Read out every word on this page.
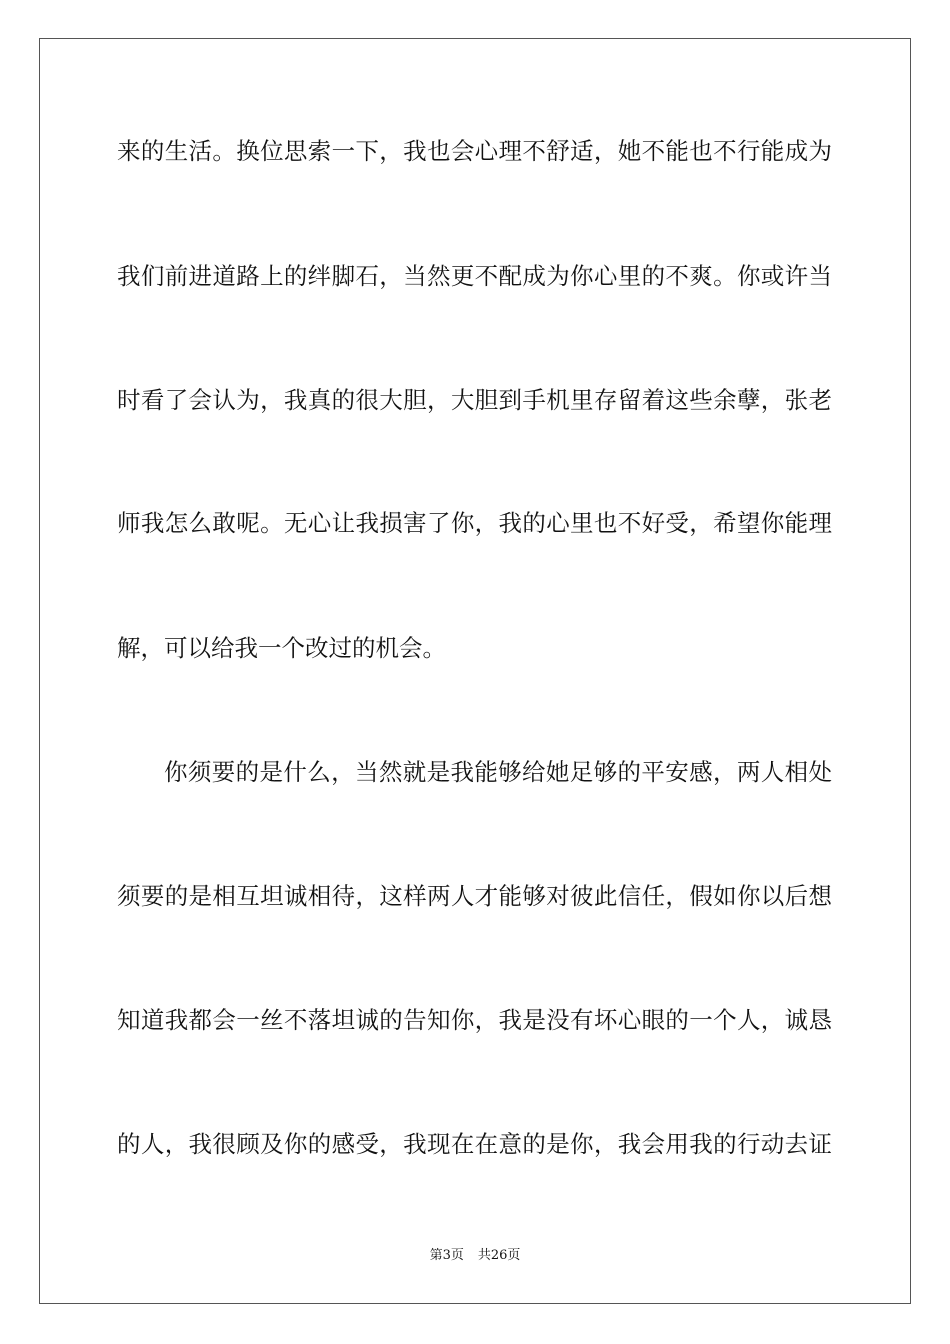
来的生活。换位思索一下，我也会心理不舒适，她不能也不行能成为
我们前进道路上的绊脚石，当然更不配成为你心里的不爽。你或许当
时看了会认为，我真的很大胆，大胆到手机里存留着这些余孽，张老
师我怎么敢呢。无心让我损害了你，我的心里也不好受，希望你能理
解，可以给我一个改过的机会。
你须要的是什么，当然就是我能够给她足够的平安感，两人相处
须要的是相互坦诚相待，这样两人才能够对彼此信任，假如你以后想
知道我都会一丝不落坦诚的告知你，我是没有坏心眼的一个人，诚恳
的人，我很顾及你的感受，我现在在意的是你，我会用我的行动去证
第3页 共26页
